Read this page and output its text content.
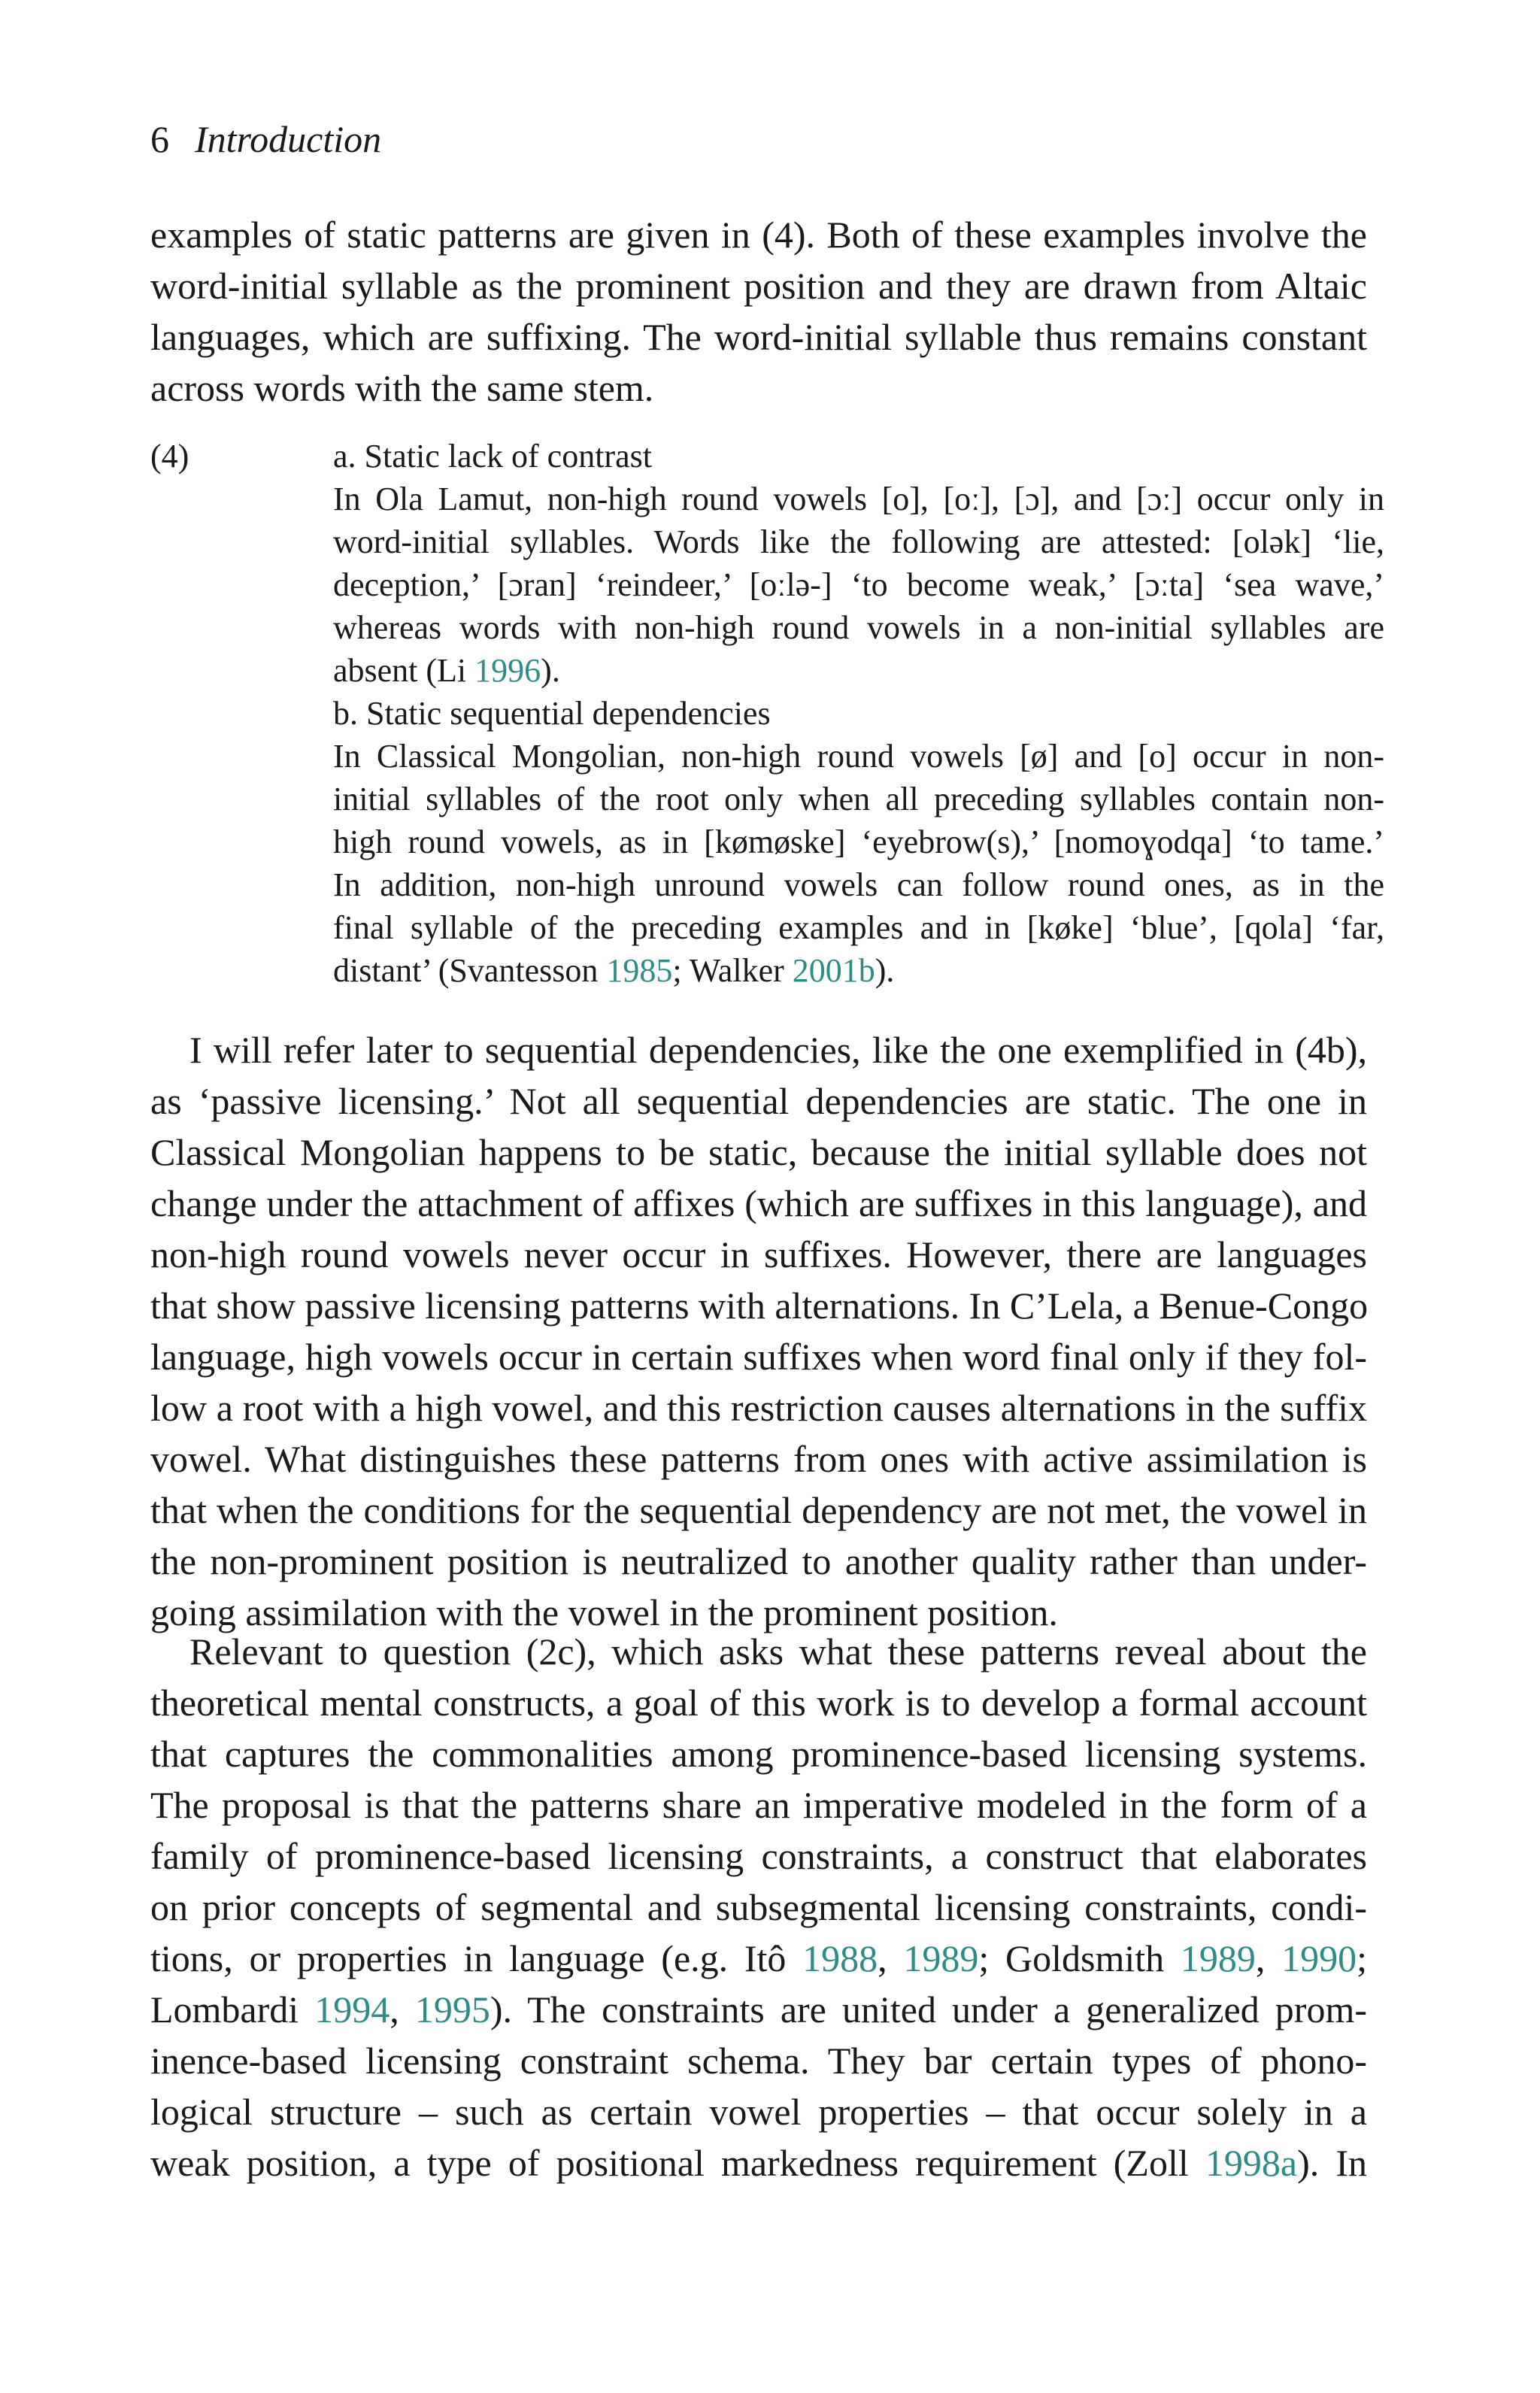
6 Introduction
examples of static patterns are given in (4). Both of these examples involve the
word-initial syllable as the prominent position and they are drawn from Altaic
languages, which are suffixing. The word-initial syllable thus remains constant
across words with the same stem.
(4)	a. Static lack of contrast
In Ola Lamut, non-high round vowels [o], [oː], [ɔ], and [ɔː] occur only in
word-initial syllables. Words like the following are attested: [olək] ‘lie,
deception,’ [ɔran] ‘reindeer,’ [oːlə-] ‘to become weak,’ [ɔːta] ‘sea wave,’
whereas words with non-high round vowels in a non-initial syllables are
absent (Li 1996).
b. Static sequential dependencies
In Classical Mongolian, non-high round vowels [ø] and [o] occur in non-
initial syllables of the root only when all preceding syllables contain non-
high round vowels, as in [kømøske] ‘eyebrow(s),’ [nomoɣodqa] ‘to tame.’
In addition, non-high unround vowels can follow round ones, as in the
final syllable of the preceding examples and in [køke] ‘blue’, [qola] ‘far,
distant’ (Svantesson 1985; Walker 2001b).
I will refer later to sequential dependencies, like the one exemplified in (4b),
as ‘passive licensing.’ Not all sequential dependencies are static. The one in
Classical Mongolian happens to be static, because the initial syllable does not
change under the attachment of affixes (which are suffixes in this language), and
non-high round vowels never occur in suffixes. However, there are languages
that show passive licensing patterns with alternations. In C’Lela, a Benue-Congo
language, high vowels occur in certain suffixes when word final only if they fol-
low a root with a high vowel, and this restriction causes alternations in the suffix
vowel. What distinguishes these patterns from ones with active assimilation is
that when the conditions for the sequential dependency are not met, the vowel in
the non-prominent position is neutralized to another quality rather than under-
going assimilation with the vowel in the prominent position.
Relevant to question (2c), which asks what these patterns reveal about the
theoretical mental constructs, a goal of this work is to develop a formal account
that captures the commonalities among prominence-based licensing systems.
The proposal is that the patterns share an imperative modeled in the form of a
family of prominence-based licensing constraints, a construct that elaborates
on prior concepts of segmental and subsegmental licensing constraints, condi-
tions, or properties in language (e.g. Itô 1988, 1989; Goldsmith 1989, 1990;
Lombardi 1994, 1995). The constraints are united under a generalized prom-
inence-based licensing constraint schema. They bar certain types of phono-
logical structure – such as certain vowel properties – that occur solely in a
weak position, a type of positional markedness requirement (Zoll 1998a). In
